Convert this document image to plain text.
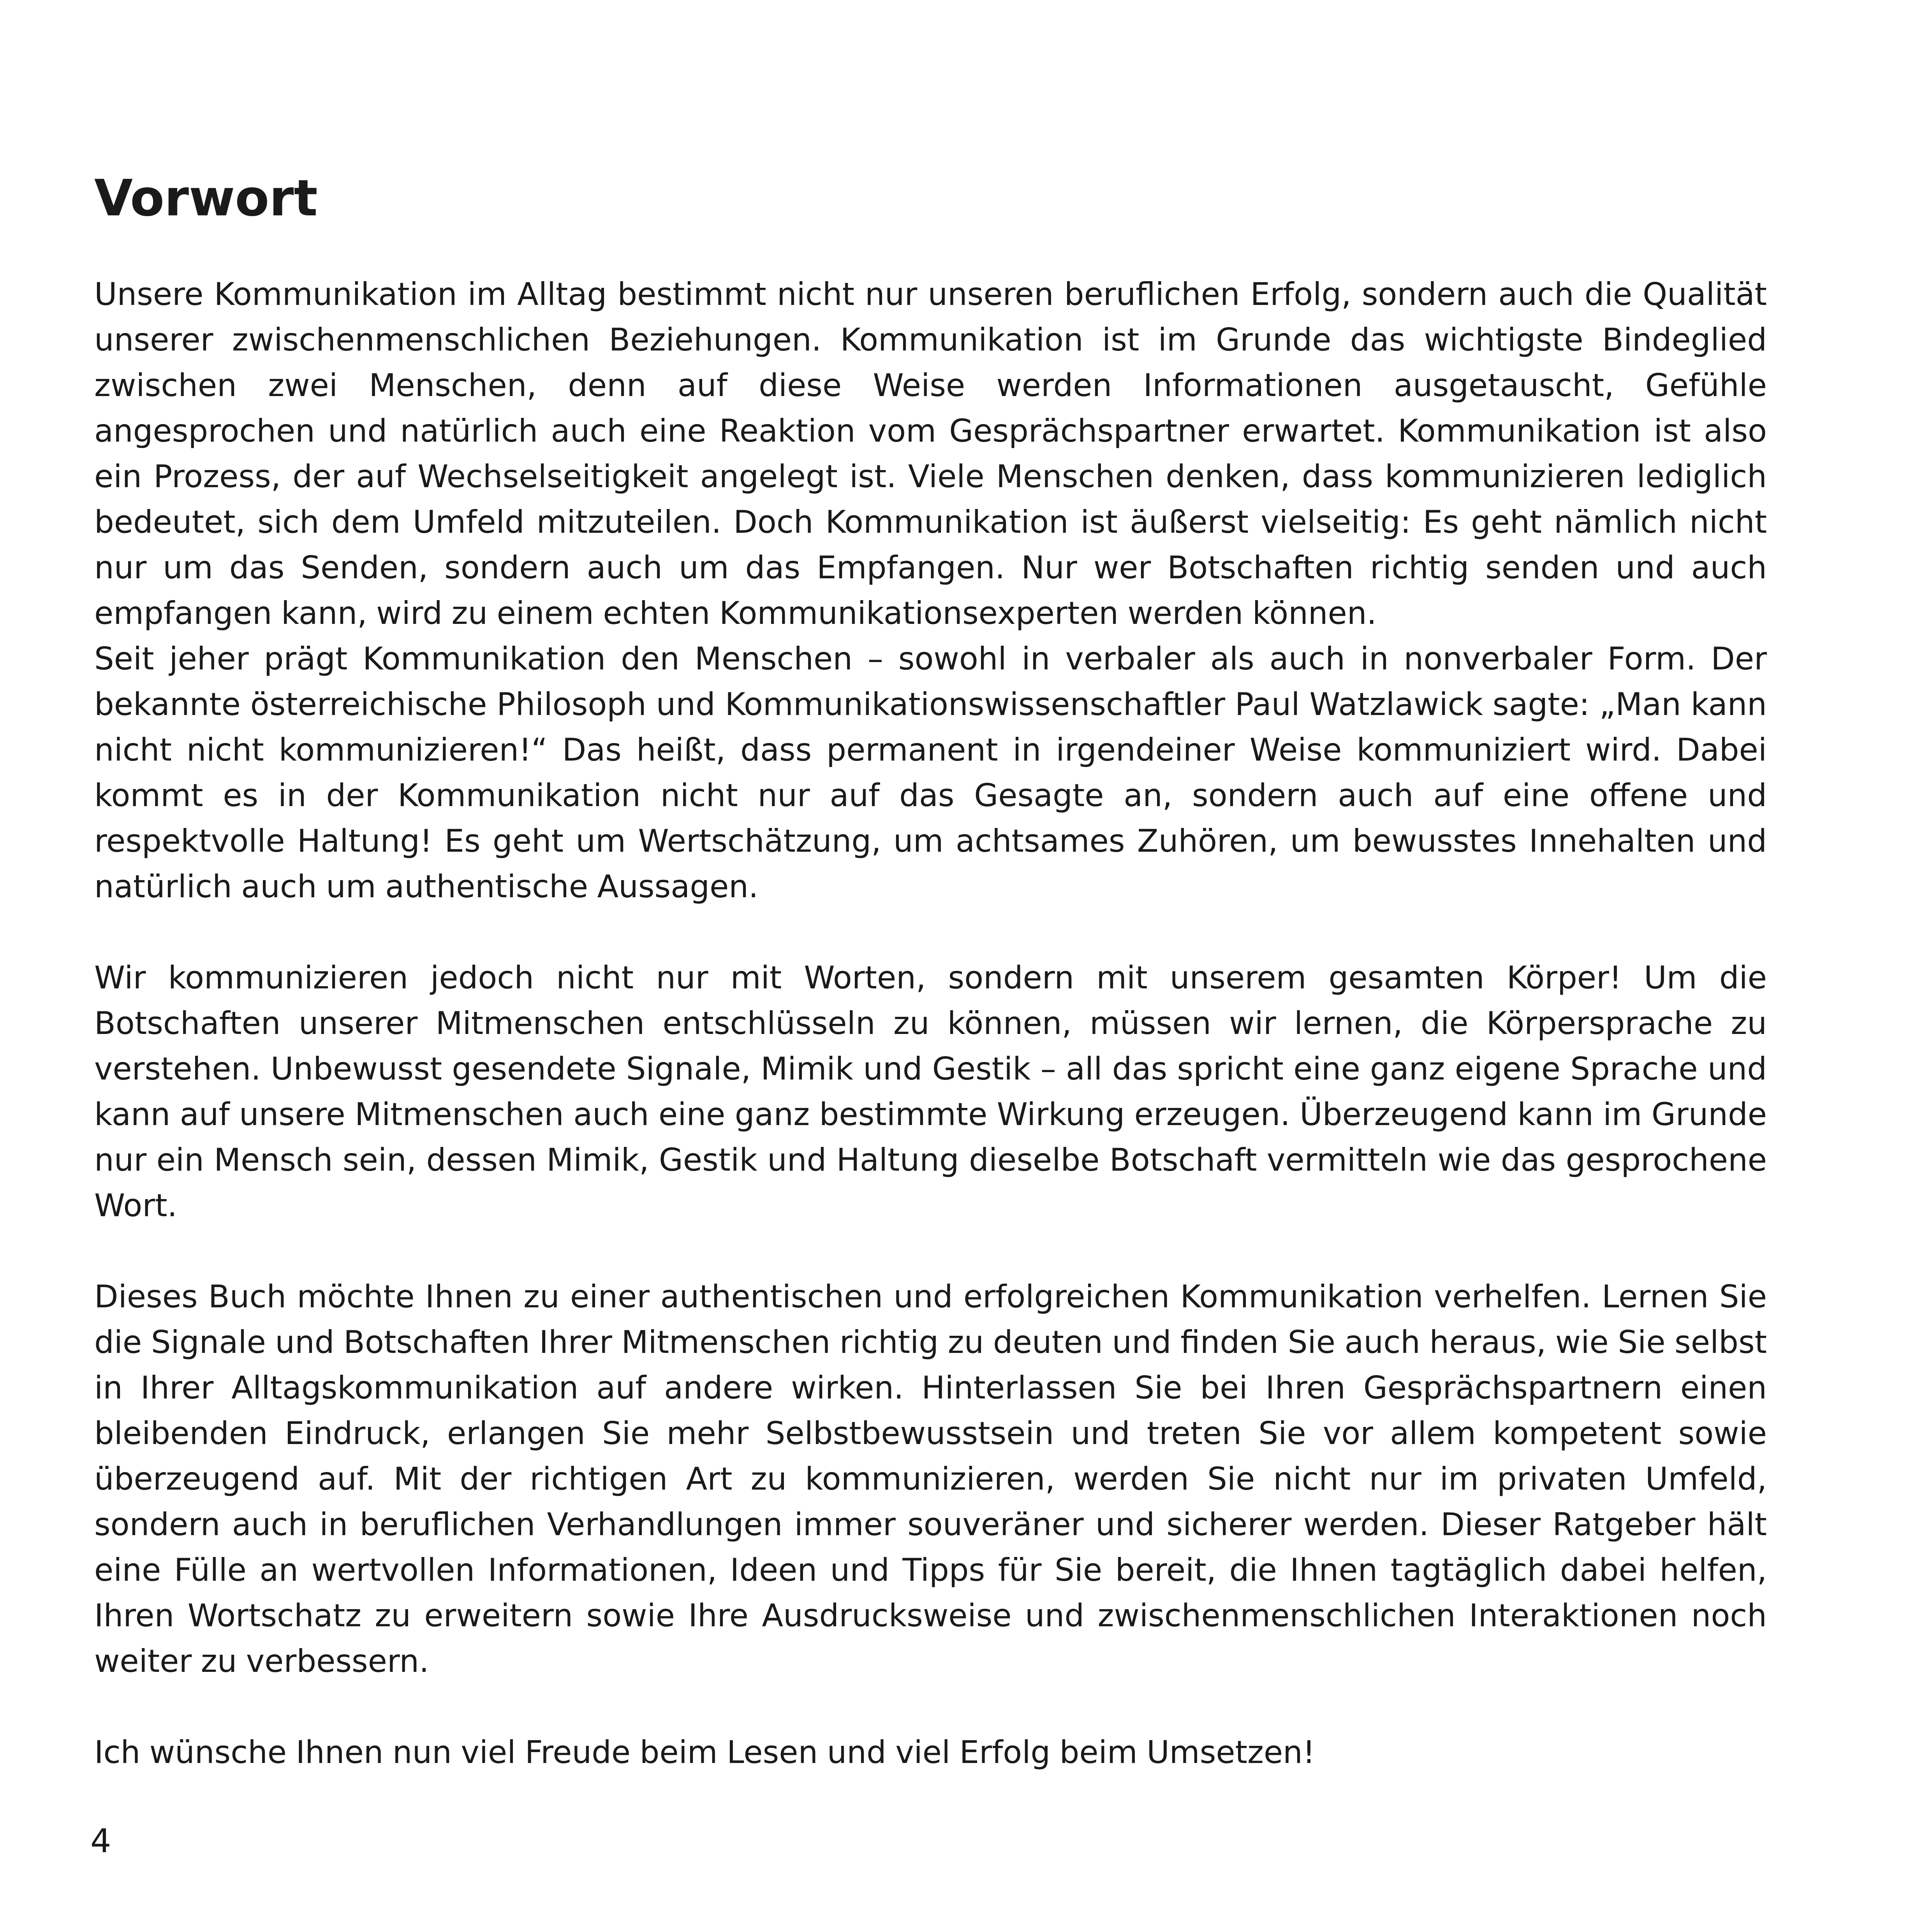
Vorwort

Unsere Kommunikation im Alltag bestimmt nicht nur unseren beruflichen Erfolg, sondern auch die Qualität unserer zwischenmenschlichen Beziehungen. Kommunikation ist im Grunde das wichtigste Bindeglied zwischen zwei Menschen, denn auf diese Weise werden Informationen ausgetauscht, Gefühle angesprochen und natürlich auch eine Reaktion vom Gesprächspartner erwartet. Kommunikation ist also ein Prozess, der auf Wechselseitigkeit angelegt ist. Viele Menschen denken, dass kommunizieren lediglich bedeutet, sich dem Umfeld mitzuteilen. Doch Kommunikation ist äußerst vielseitig: Es geht nämlich nicht nur um das Senden, sondern auch um das Empfangen. Nur wer Botschaften richtig senden und auch empfangen kann, wird zu einem echten Kommunikationsexperten werden können.

Seit jeher prägt Kommunikation den Menschen – sowohl in verbaler als auch in nonverbaler Form. Der bekannte österreichische Philosoph und Kommunikationswissenschaftler Paul Watzlawick sagte: „Man kann nicht nicht kommunizieren!“ Das heißt, dass permanent in irgendeiner Weise kommuniziert wird. Dabei kommt es in der Kommunikation nicht nur auf das Gesagte an, sondern auch auf eine offene und respektvolle Haltung! Es geht um Wertschätzung, um achtsames Zuhören, um bewusstes Innehalten und natürlich auch um authentische Aussagen.

Wir kommunizieren jedoch nicht nur mit Worten, sondern mit unserem gesamten Körper! Um die Botschaften unserer Mitmenschen entschlüsseln zu können, müssen wir lernen, die Körpersprache zu verstehen. Unbewusst gesendete Signale, Mimik und Gestik – all das spricht eine ganz eigene Sprache und kann auf unsere Mitmenschen auch eine ganz bestimmte Wirkung erzeugen. Überzeugend kann im Grunde nur ein Mensch sein, dessen Mimik, Gestik und Haltung dieselbe Botschaft vermitteln wie das gesprochene Wort.

Dieses Buch möchte Ihnen zu einer authentischen und erfolgreichen Kommunikation verhelfen. Lernen Sie die Signale und Botschaften Ihrer Mitmenschen richtig zu deuten und finden Sie auch heraus, wie Sie selbst in Ihrer Alltagskommunikation auf andere wirken. Hinterlassen Sie bei Ihren Gesprächspartnern einen bleibenden Eindruck, erlangen Sie mehr Selbstbewusstsein und treten Sie vor allem kompetent sowie überzeugend auf. Mit der richtigen Art zu kommunizieren, werden Sie nicht nur im privaten Umfeld, sondern auch in beruflichen Verhandlungen immer souveräner und sicherer werden. Dieser Ratgeber hält eine Fülle an wertvollen Informationen, Ideen und Tipps für Sie bereit, die Ihnen tagtäglich dabei helfen, Ihren Wortschatz zu erweitern sowie Ihre Ausdrucksweise und zwischenmenschlichen Interaktionen noch weiter zu verbessern.

Ich wünsche Ihnen nun viel Freude beim Lesen und viel Erfolg beim Umsetzen!

4
